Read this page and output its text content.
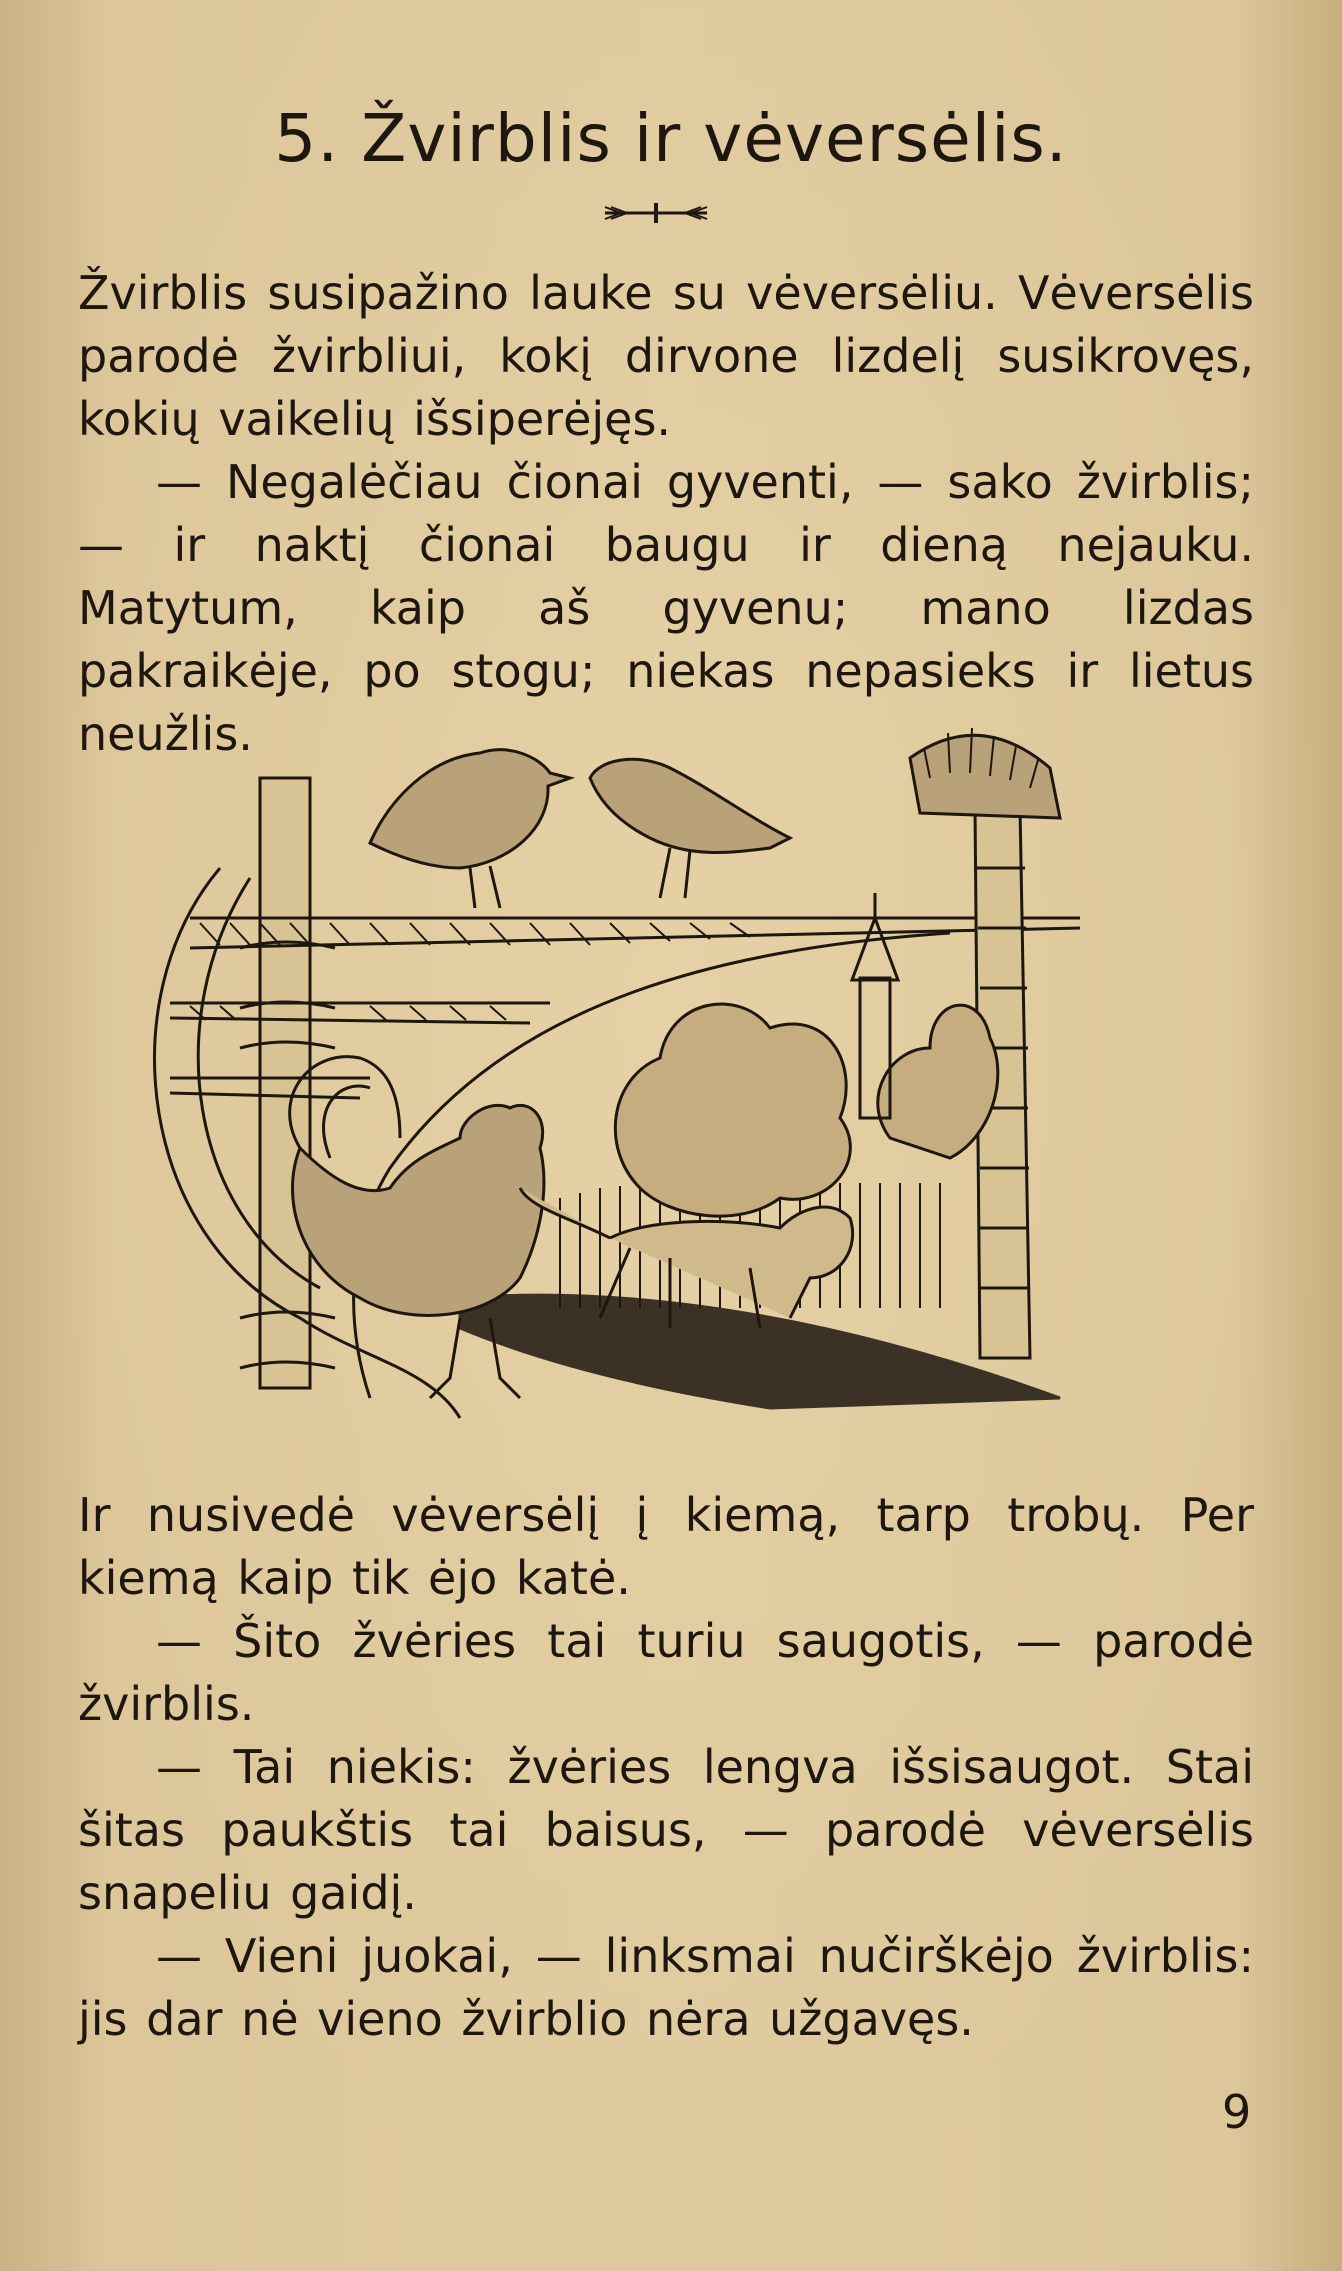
5. Žvirblis ir vėversėlis.

Žvirblis susipažino lauke su vėversėliu. Vėversėlis parodė žvirbliui, kokį dirvone lizdelį susikrovęs, kokių vaikelių išsiperėjęs.

— Negalėčiau čionai gyventi, — sako žvirblis; — ir naktį čionai baugu ir dieną nejauku. Matytum, kaip aš gyvenu; mano lizdas pakraikėje, po stogu; niekas nepasieks ir lietus neužlis.

Ir nusivedė vėversėlį į kiemą, tarp trobų. Per kiemą kaip tik ėjo katė.

— Šito žvėries tai turiu saugotis, — parodė žvirblis.

— Tai niekis: žvėries lengva išsisaugot. Stai šitas paukštis tai baisus, — parodė vėversėlis snapeliu gaidį.

— Vieni juokai, — linksmai nučirškėjo žvirblis: jis dar nė vieno žvirblio nėra užgavęs.

9
